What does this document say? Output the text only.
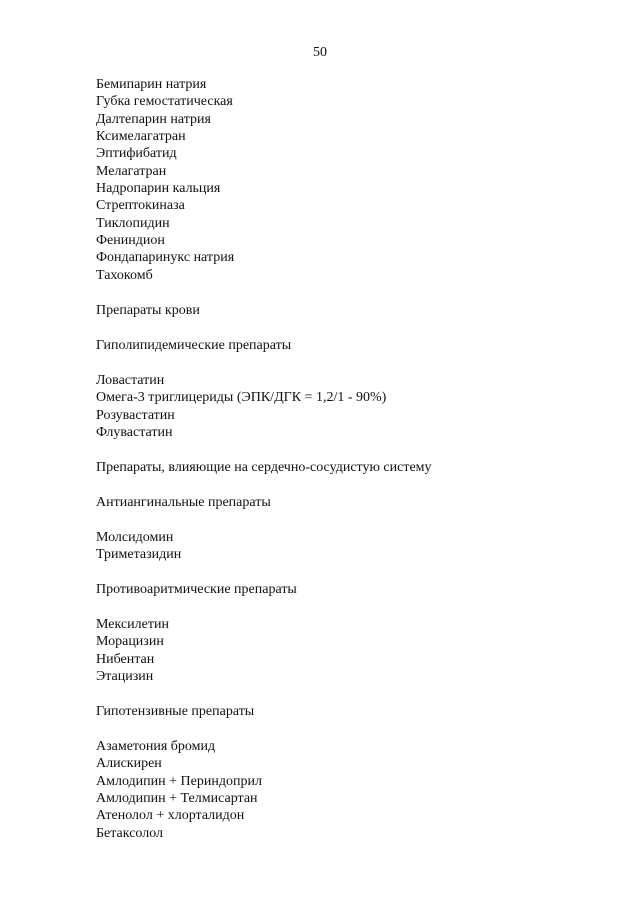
50
Бемипарин натрия
Губка гемостатическая
Далтепарин натрия
Ксимелагатран
Эптифибатид
Мелагатран
Надропарин кальция
Стрептокиназа
Тиклопидин
Фениндион
Фондапаринукс натрия
Тахокомб
Препараты крови
Гиполипидемические препараты
Ловастатин
Омега-3 триглицериды (ЭПК/ДГК = 1,2/1 - 90%)
Розувастатин
Флувастатин
Препараты, влияющие на сердечно-сосудистую систему
Антиангинальные препараты
Молсидомин
Триметазидин
Противоаритмические препараты
Мексилетин
Морацизин
Нибентан
Этацизин
Гипотензивные препараты
Азаметония бромид
Алискирен
Амлодипин + Периндоприл
Амлодипин + Телмисартан
Атенолол + хлорталидон
Бетаксолол
